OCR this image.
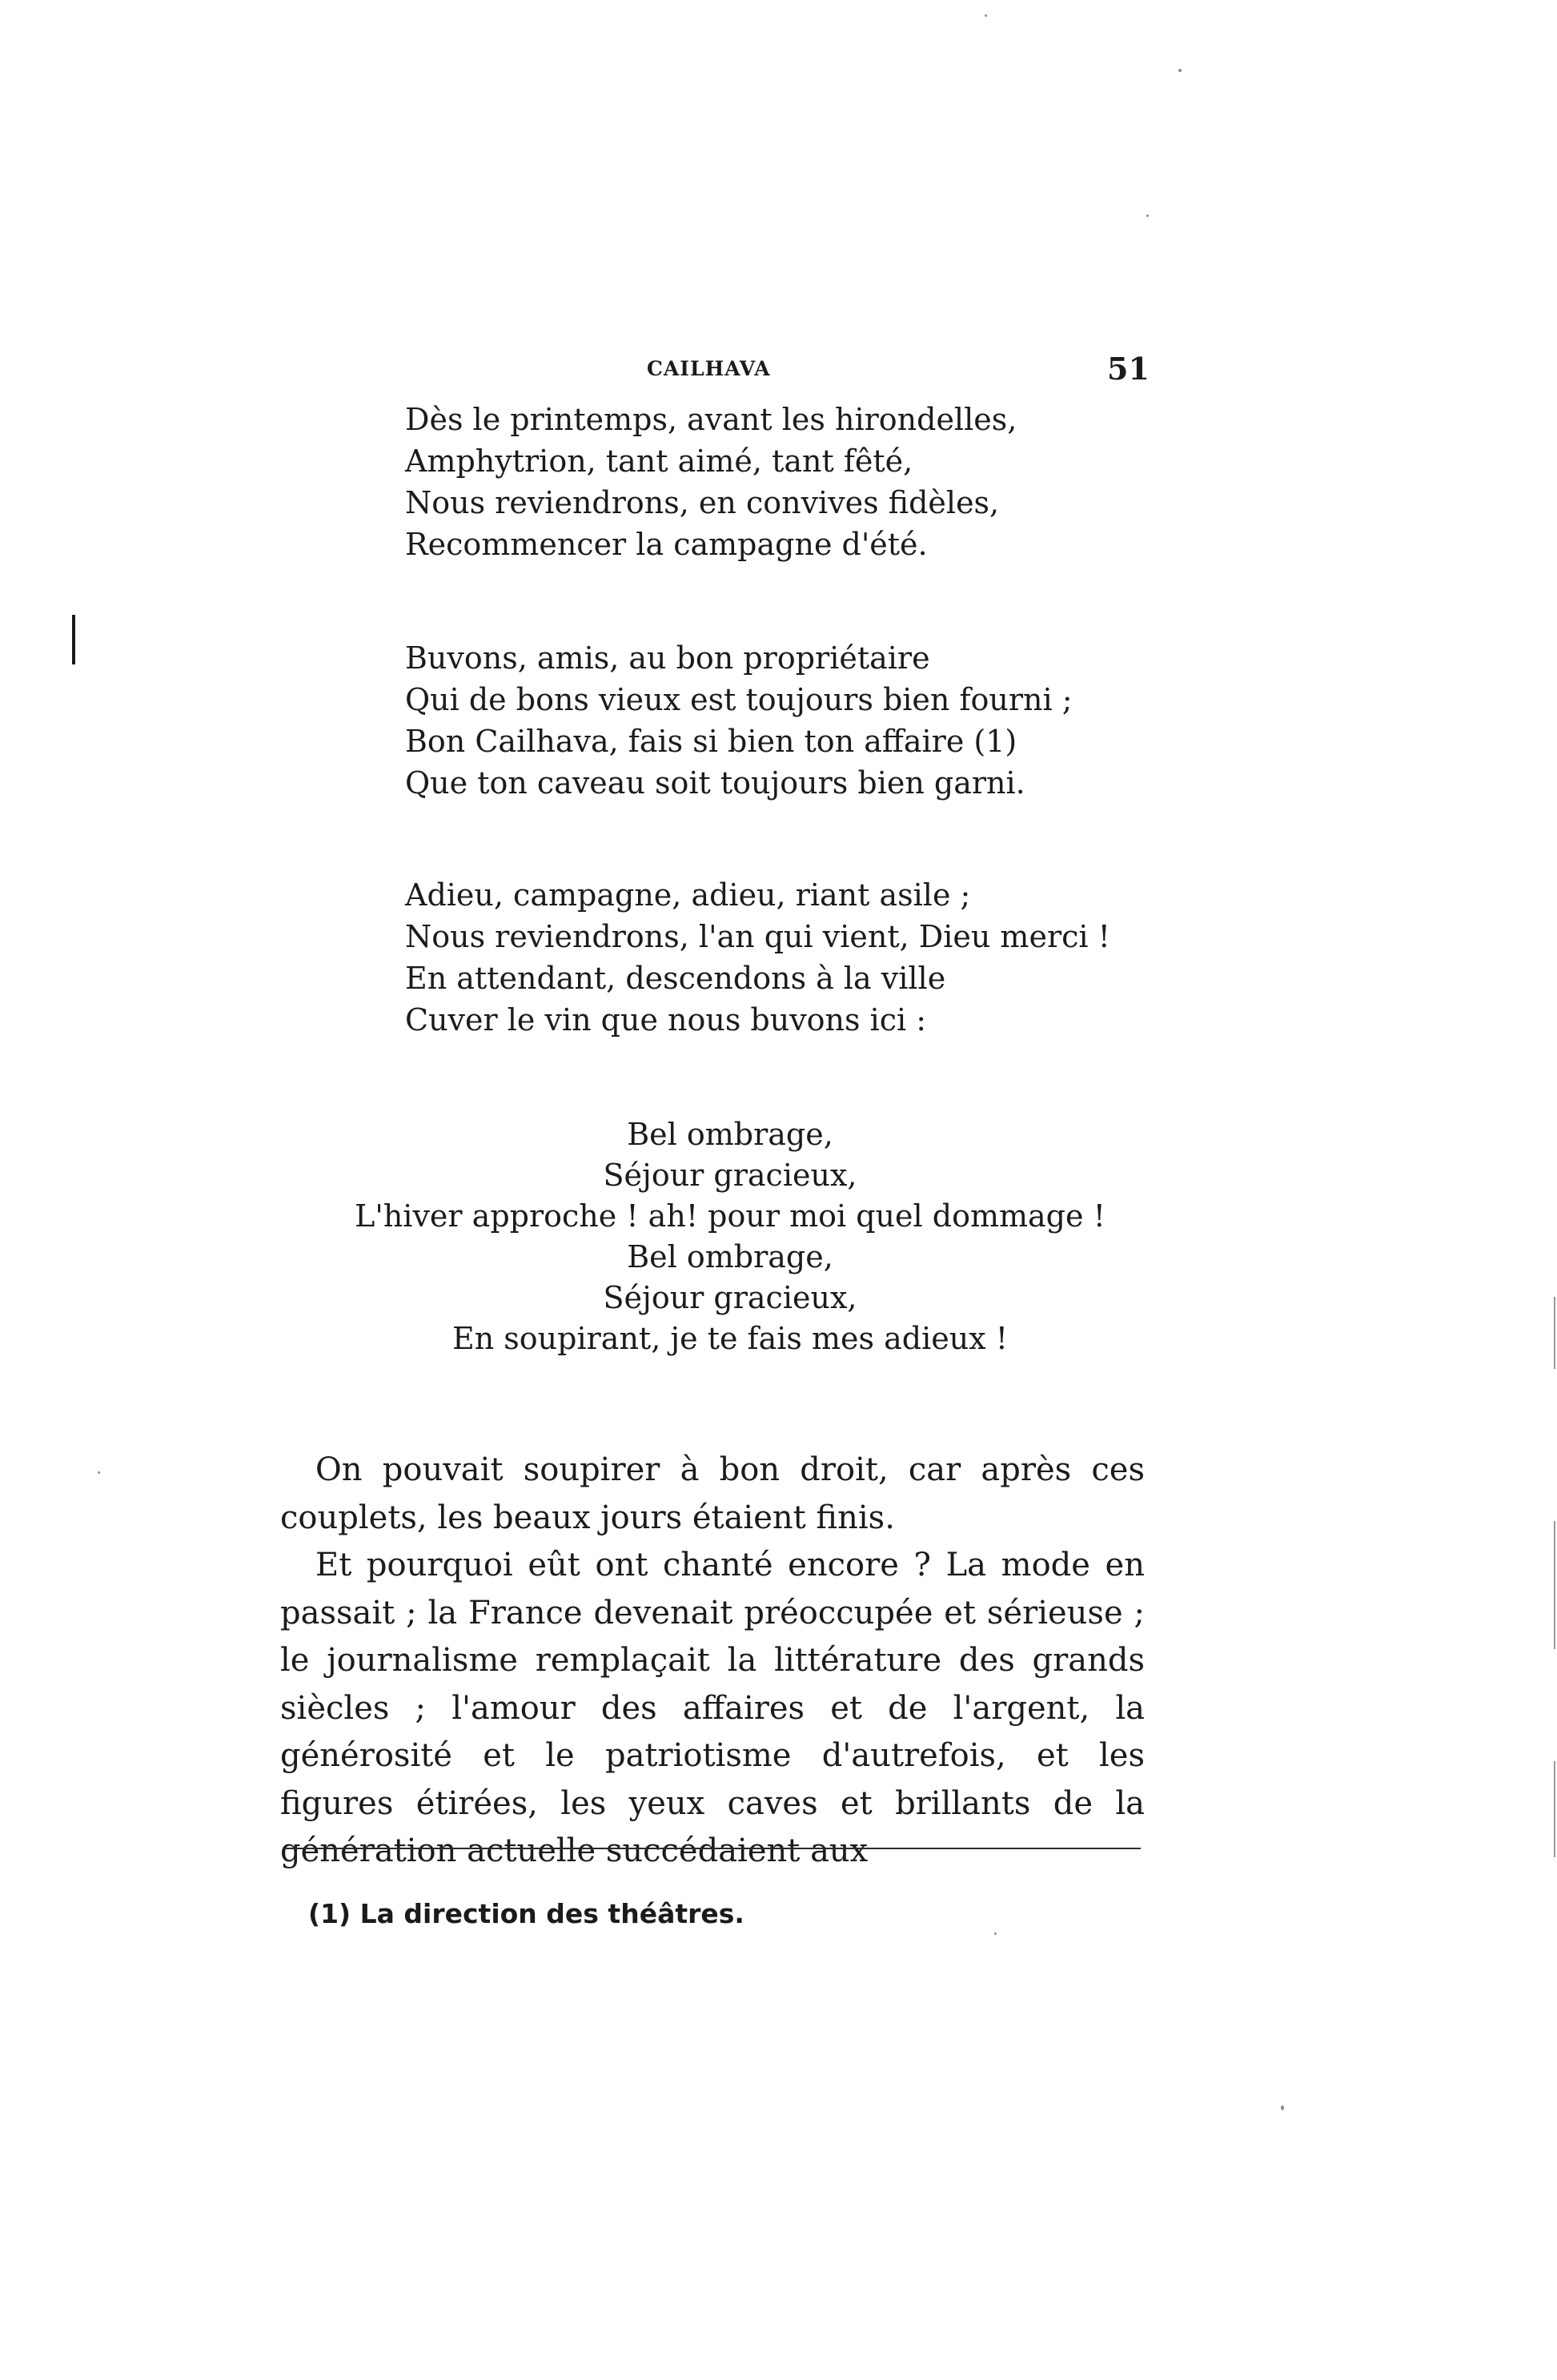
CAILHAVA	51
Dès le printemps, avant les hirondelles,
Amphytrion, tant aimé, tant fêté,
Nous reviendrons, en convives fidèles,
Recommencer la campagne d'été.
Buvons, amis, au bon propriétaire
Qui de bons vieux est toujours bien fourni ;
Bon Cailhava, fais si bien ton affaire (1)
Que ton caveau soit toujours bien garni.
Adieu, campagne, adieu, riant asile ;
Nous reviendrons, l'an qui vient, Dieu merci !
En attendant, descendons à la ville
Cuver le vin que nous buvons ici :
Bel ombrage,
Séjour gracieux,
L'hiver approche ! ah! pour moi quel dommage !
Bel ombrage,
Séjour gracieux,
En soupirant, je te fais mes adieux !

On pouvait soupirer à bon droit, car après ces couplets, les beaux jours étaient finis.

Et pourquoi eût ont chanté encore ? La mode en passait ; la France devenait préoccupée et sérieuse ; le journalisme remplaçait la littérature des grands siècles ; l'amour des affaires et de l'argent, la générosité et le patriotisme d'autrefois, et les figures étirées, les yeux caves et brillants de la génération actuelle succédaient aux

(1) La direction des théâtres.
